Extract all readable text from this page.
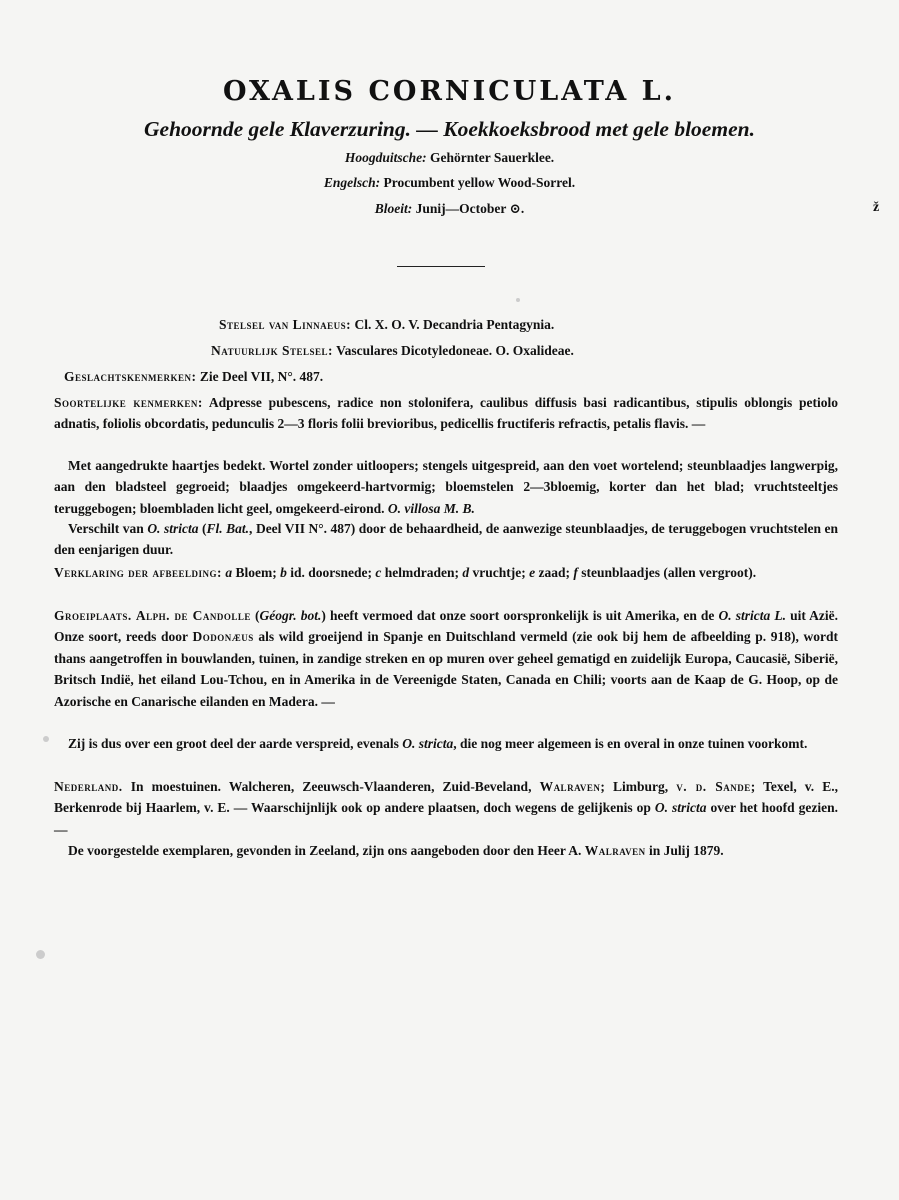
OXALIS CORNICULATA L.
Gehoornde gele Klaverzuring. — Koekkoeksbrood met gele bloemen.
Hoogduitsche: Gehörnter Sauerklee.
Engelsch: Procumbent yellow Wood-Sorrel.
Bloeit: Junij—October ⊙.	ž
Stelsel van Linnaeus: Cl. X. O. V. Decandria Pentagynia.
Natuurlijk Stelsel: Vasculares Dicotyledoneae. O. Oxalideae.
Geslachtskenmerken: Zie Deel VII, N°. 487.
Soortelijke kenmerken: Adpresse pubescens, radice non stolonifera, caulibus diffusis basi radicantibus, stipulis oblongis petiolo adnatis, foliolis obcordatis, pedunculis 2—3 floris folii brevioribus, pedicellis fructiferis refractis, petalis flavis. —
Met aangedrukte haartjes bedekt. Wortel zonder uitloopers; stengels uitgespreid, aan den voet wortelend; steunblaadjes langwerpig, aan den bladsteel gegroeid; blaadjes omgekeerd-hartvormig; bloemstelen 2—3bloemig, korter dan het blad; vruchtsteeltjes teruggebogen; bloembladen licht geel, omgekeerd-eirond. O. villosa M. B.
Verschilt van O. stricta (Fl. Bat., Deel VII N°. 487) door de behaardheid, de aanwezige steunblaadjes, de teruggebogen vruchtstelen en den eenjarigen duur.
Verklaring der afbeelding: a Bloem; b id. doorsnede; c helmdraden; d vruchtje; e zaad; f steunblaadjes (allen vergroot).
Groeiplaats. Alph. de Candolle (Géogr. bot.) heeft vermoed dat onze soort oorspronkelijk is uit Amerika, en de O. stricta L. uit Azië. Onze soort, reeds door Dodonæus als wild groeijend in Spanje en Duitschland vermeld (zie ook bij hem de afbeelding p. 918), wordt thans aangetroffen in bouwlanden, tuinen, in zandige streken en op muren over geheel gematigd en zuidelijk Europa, Caucasië, Siberië, Britsch Indië, het eiland Lou-Tchou, en in Amerika in de Vereenigde Staten, Canada en Chili; voorts aan de Kaap de G. Hoop, op de Azorische en Canarische eilanden en Madera. —
Zij is dus over een groot deel der aarde verspreid, evenals O. stricta, die nog meer algemeen is en overal in onze tuinen voorkomt.
Nederland. In moestuinen. Walcheren, Zeeuwsch-Vlaanderen, Zuid-Beveland, Walraven; Limburg, v. d. Sande; Texel, v. E., Berkenrode bij Haarlem, v. E. — Waarschijnlijk ook op andere plaatsen, doch wegens de gelijkenis op O. stricta over het hoofd gezien. —
De voorgestelde exemplaren, gevonden in Zeeland, zijn ons aangeboden door den Heer A. Walraven in Julij 1879.
